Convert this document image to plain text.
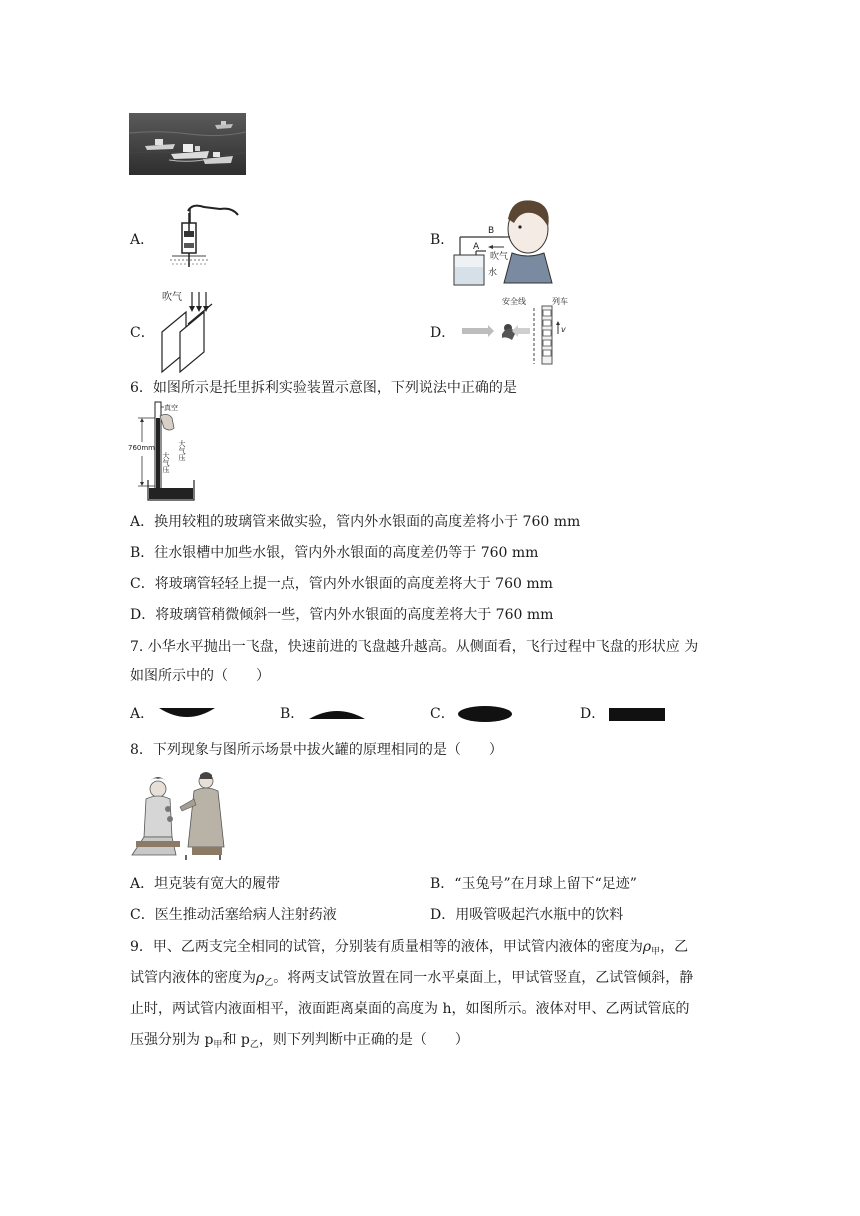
A．	B．
B
A
吹气
水
C．
吹气
D．
安全线	列车
v
6．如图所示是托里拆利实验装置示意图，下列说法中正确的是
真空
760mm
大气压
大气压
A．换用较粗的玻璃管来做实验，管内外水银面的高度差将小于 760 mm
B．往水银槽中加些水银，管内外水银面的高度差仍等于 760 mm
C．将玻璃管轻轻上提一点，管内外水银面的高度差将大于 760 mm
D．将玻璃管稍微倾斜一些，管内外水银面的高度差将大于 760 mm
7. 小华水平抛出一飞盘，快速前进的飞盘越升越高。从侧面看，飞行过程中飞盘的形状应 为
如图所示中的（　　）
A．	B．	C．	D．
8．下列现象与图所示场景中拔火罐的原理相同的是（　　）
A．坦克装有宽大的履带	B．“玉兔号”在月球上留下“足迹”
C．医生推动活塞给病人注射药液	D．用吸管吸起汽水瓶中的饮料
9．甲、乙两支完全相同的试管，分别装有质量相等的液体，甲试管内液体的密度为$\rho_甲$，乙
试管内液体的密度为$\rho_乙$。将两支试管放置在同一水平桌面上，甲试管竖直，乙试管倾斜，静
止时，两试管内液面相平，液面距离桌面的高度为 h，如图所示。液体对甲、乙两试管底的
压强分别为 $p_甲$和 $p_乙$，则下列判断中正确的是（　　）
